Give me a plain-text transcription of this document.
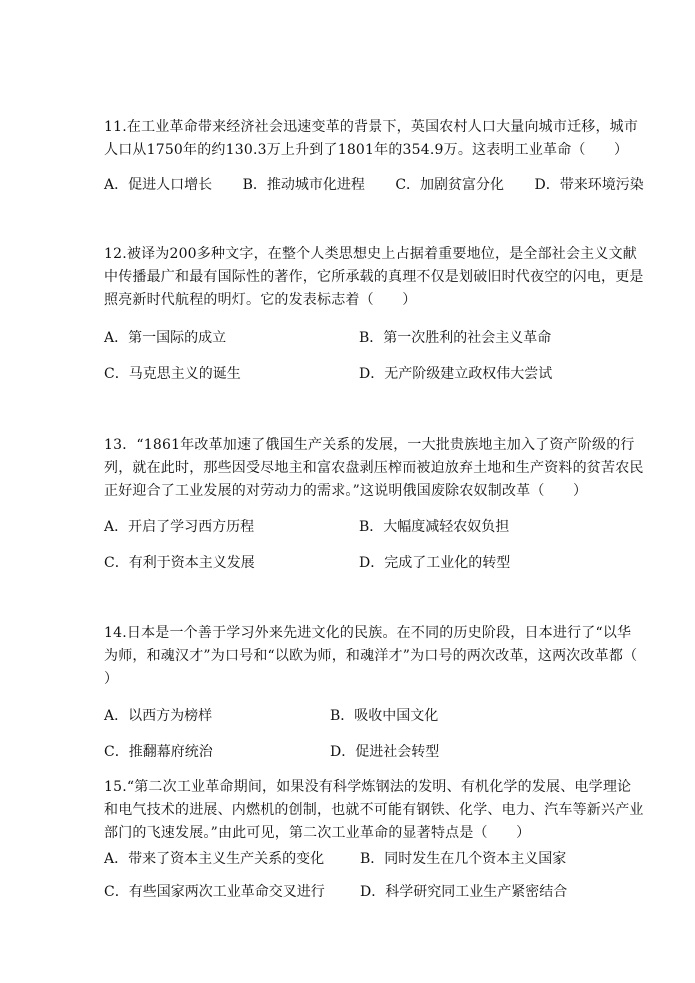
11.在工业革命带来经济社会迅速变革的背景下，英国农村人口大量向城市迁移，城市人口从1750年的约130.3万上升到了1801年的354.9万。这表明工业革命（　　）
A．促进人口增长 B．推动城市化进程 C．加剧贫富分化 D．带来环境污染
12.被译为200多种文字，在整个人类思想史上占据着重要地位，是全部社会主义文献中传播最广和最有国际性的著作，它所承载的真理不仅是划破旧时代夜空的闪电，更是照亮新时代航程的明灯。它的发表标志着（　　）
A．第一国际的成立	B．第一次胜利的社会主义革命
C．马克思主义的诞生	D．无产阶级建立政权伟大尝试
13．“1861年改革加速了俄国生产关系的发展，一大批贵族地主加入了资产阶级的行列，就在此时，那些因受尽地主和富农盘剥压榨而被迫放弃土地和生产资料的贫苦农民正好迎合了工业发展的对劳动力的需求。”这说明俄国废除农奴制改革（　　）
A．开启了学习西方历程	B．大幅度减轻农奴负担
C．有利于资本主义发展	D．完成了工业化的转型
14.日本是一个善于学习外来先进文化的民族。在不同的历史阶段，日本进行了“以华为师，和魂汉才”为口号和“以欧为师，和魂洋才”为口号的两次改革，这两次改革都（　　）
A．以西方为榜样	B．吸收中国文化
C．推翻幕府统治	D．促进社会转型
15.“第二次工业革命期间，如果没有科学炼钢法的发明、有机化学的发展、电学理论和电气技术的进展、内燃机的创制，也就不可能有钢铁、化学、电力、汽车等新兴产业部门的飞速发展。”由此可见，第二次工业革命的显著特点是（　　）
A．带来了资本主义生产关系的变化	B．同时发生在几个资本主义国家
C．有些国家两次工业革命交叉进行	D．科学研究同工业生产紧密结合
